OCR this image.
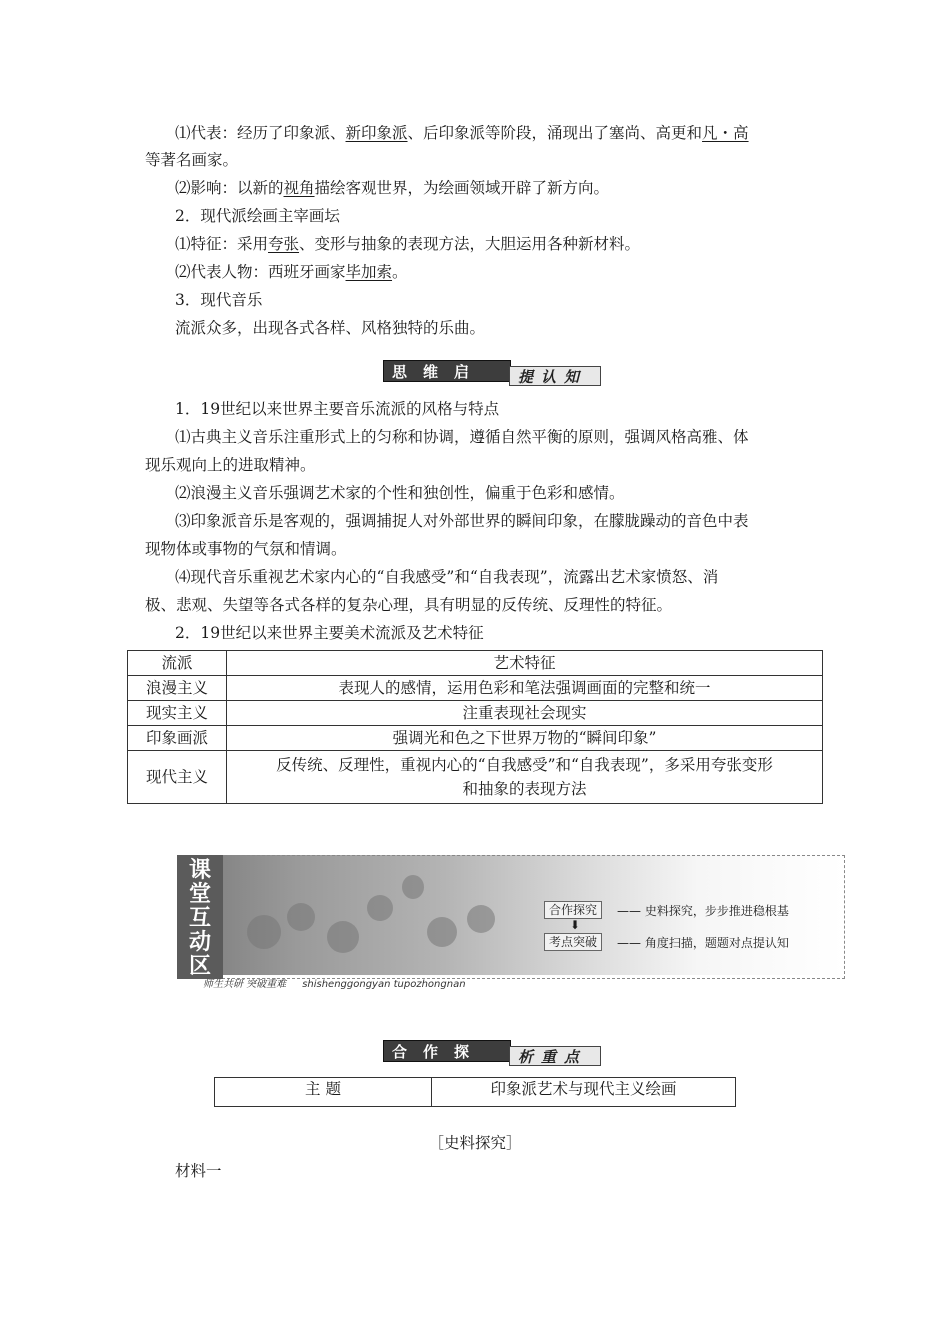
⑴代表：经历了印象派、新印象派、后印象派等阶段，涌现出了塞尚、高更和凡・高
等著名画家。
⑵影响：以新的视角描绘客观世界，为绘画领域开辟了新方向。
2．现代派绘画主宰画坛
⑴特征：采用夸张、变形与抽象的表现方法，大胆运用各种新材料。
⑵代表人物：西班牙画家毕加索。
3．现代音乐
流派众多，出现各式各样、风格独特的乐曲。
思维启迪
提认知
1．19世纪以来世界主要音乐流派的风格与特点
⑴古典主义音乐注重形式上的匀称和协调，遵循自然平衡的原则，强调风格高雅、体
现乐观向上的进取精神。
⑵浪漫主义音乐强调艺术家的个性和独创性，偏重于色彩和感情。
⑶印象派音乐是客观的，强调捕捉人对外部世界的瞬间印象，在朦胧躁动的音色中表
现物体或事物的气氛和情调。
⑷现代音乐重视艺术家内心的“自我感受”和“自我表现”，流露出艺术家愤怒、消
极、悲观、失望等各式各样的复杂心理，具有明显的反传统、反理性的特征。
2．19世纪以来世界主要美术流派及艺术特征
流派	艺术特征
浪漫主义	表现人的感情，运用色彩和笔法强调画面的完整和统一
现实主义	注重表现社会现实
印象画派	强调光和色之下世界万物的“瞬间印象”
现代主义	反传统、反理性，重视内心的“自我感受”和“自我表现”，多采用夸张变形
和抽象的表现方法
课
堂
互
动
区
合作探究	—— 史料探究，步步推进稳根基
⬇
考点突破	—— 角度扫描，题题对点提认知
师生共研 突破重难 shishenggongyan tupozhongnan
合作探究
析重点
主 题	印象派艺术与现代主义绘画
［史料探究］
材料一
